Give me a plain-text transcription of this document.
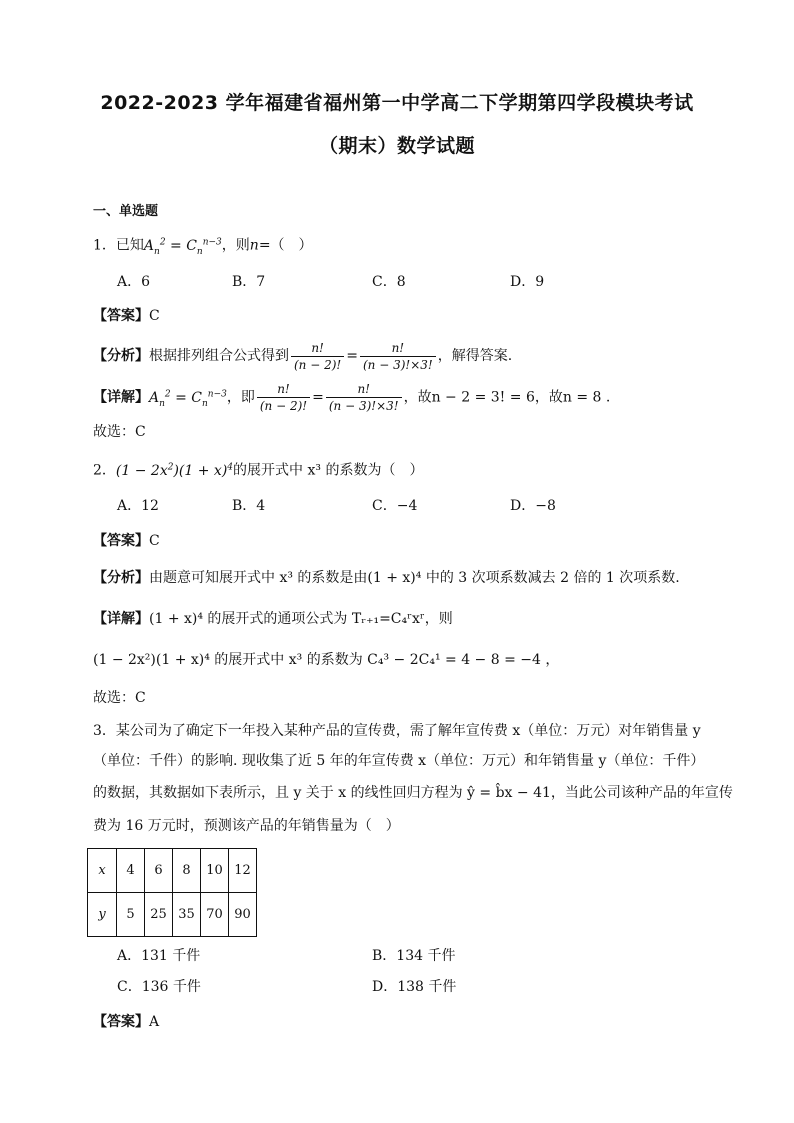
2022-2023 学年福建省福州第一中学高二下学期第四学段模块考试
（期末）数学试题
一、单选题
1．已知$A_n^2 = C_n^{n-3}$，则n=（　）
A．6	B．7	C．8	D．9
【答案】C
【分析】根据排列组合公式得到 $\frac{n!}{(n - 2)!} = \frac{n!}{(n - 3)!\times 3!}$ ，解得答案.
【详解】$A_n^2 = C_n^{n-3}$，即 $\frac{n!}{(n - 2)!} = \frac{n!}{(n - 3)!\times 3!}$ ，故n − 2 = 3! = 6，故n = 8 .
故选：C
2．$(1 - 2x^2)(1 + x)^4$的展开式中 x³ 的系数为（　）
A．12	B．4	C．−4	D．−8
【答案】C
【分析】由题意可知展开式中 x³ 的系数是由(1 + x)⁴ 中的 3 次项系数减去 2 倍的 1 次项系数.
【详解】(1 + x)⁴ 的展开式的通项公式为 Tᵣ₊₁=C₄ʳxʳ，则
(1 − 2x²)(1 + x)⁴ 的展开式中 x³ 的系数为 C₄³ − 2C₄¹ = 4 − 8 = −4 ，
故选：C
3．某公司为了确定下一年投入某种产品的宣传费，需了解年宣传费 x（单位：万元）对年销售量 y
（单位：千件）的影响. 现收集了近 5 年的年宣传费 x（单位：万元）和年销售量 y（单位：千件）
的数据，其数据如下表所示，且 y 关于 x 的线性回归方程为 ŷ = b̂x − 41，当此公司该种产品的年宣传
费为 16 万元时，预测该产品的年销售量为（　）
x	4	6	8	10	12
y	5	25	35	70	90
A．131 千件	B．134 千件
C．136 千件	D．138 千件
【答案】A
